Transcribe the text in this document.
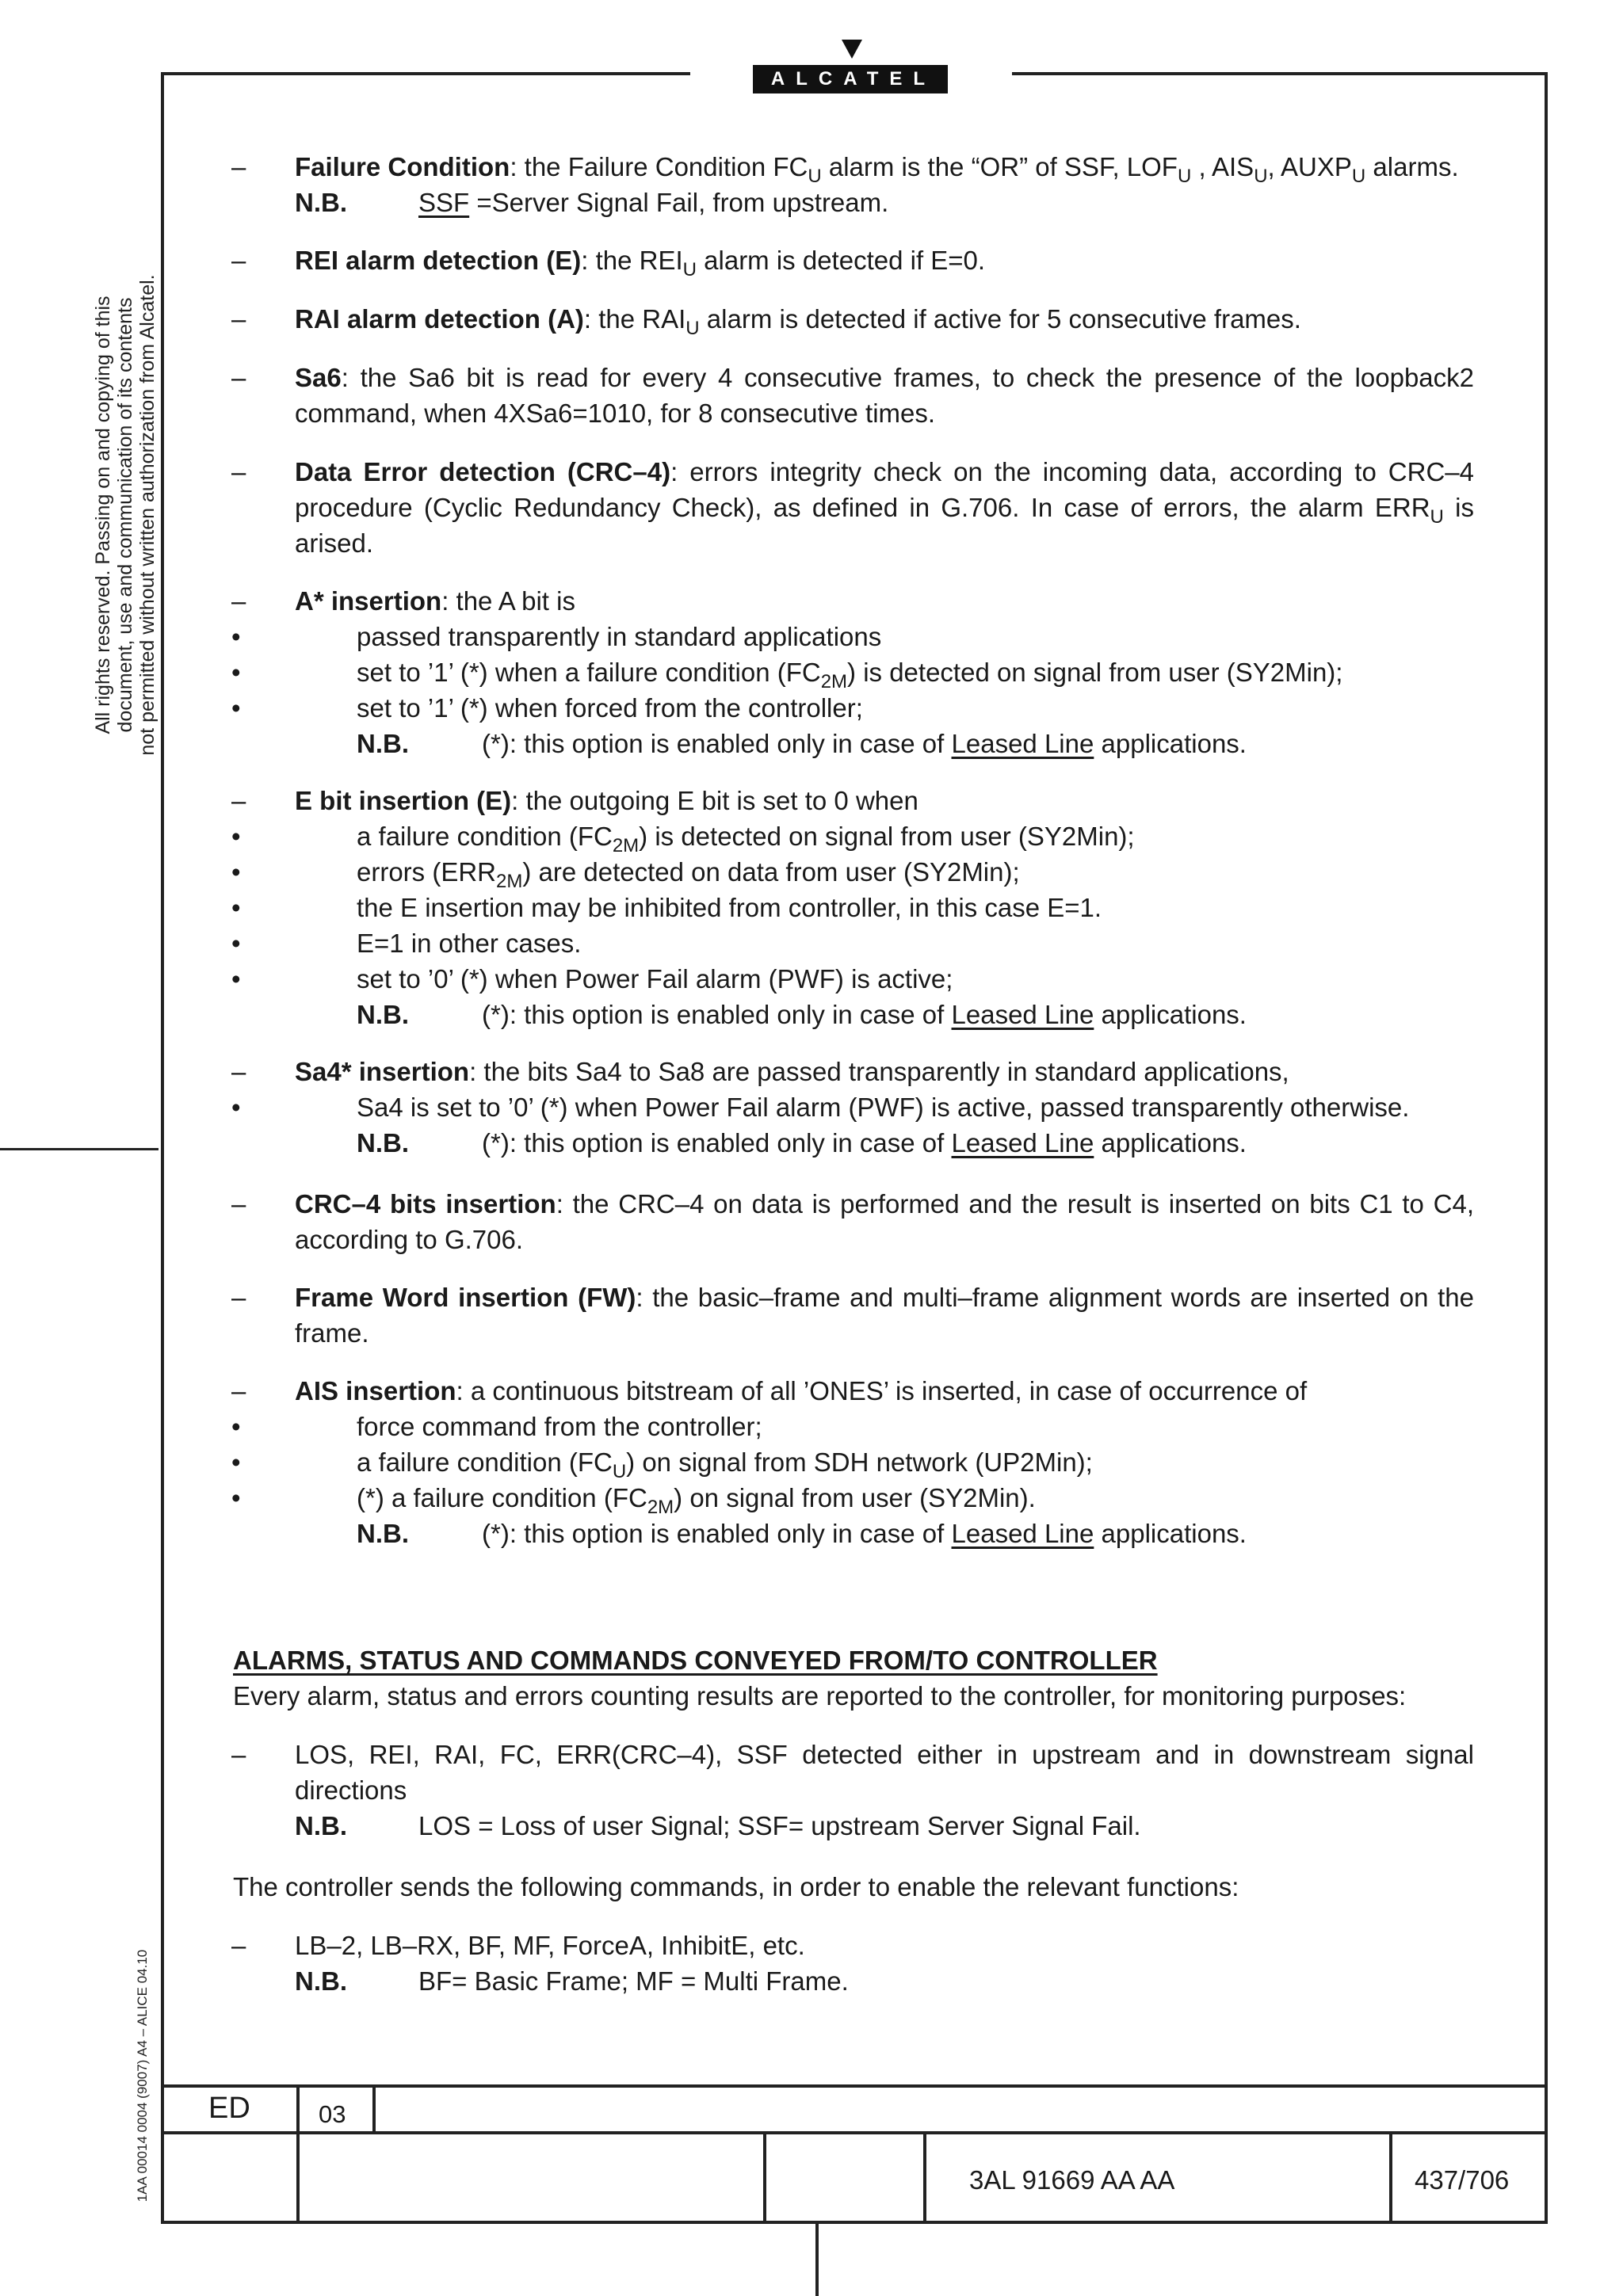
ALCATEL
All rights reserved. Passing on and copying of this document, use and communication of its contents not permitted without written authorization from Alcatel.
1AA 00014 0004 (9007) A4 – ALICE 04.10
– Failure Condition: the Failure Condition $FC_U$ alarm is the “OR” of SSF, $LOF_U$ , $AIS_U$, $AUXP_U$ alarms.
N.B.	SSF =Server Signal Fail, from upstream.
– REI alarm detection (E): the $REI_U$ alarm is detected if E=0.
– RAI alarm detection (A): the $RAI_U$ alarm is detected if active for 5 consecutive frames.
– Sa6: the Sa6 bit is read for every 4 consecutive frames, to check the presence of the loopback2 command, when 4XSa6=1010, for 8 consecutive times.
– Data Error detection (CRC–4): errors integrity check on the incoming data, according to CRC–4 procedure (Cyclic Redundancy Check), as defined in G.706. In case of errors, the alarm $ERR_U$ is arised.
– A* insertion: the A bit is
•	passed transparently in standard applications
•	set to ’1’ (*) when a failure condition $(FC_{2M})$ is detected on signal from user (SY2Min);
•	set to ’1’ (*) when forced from the controller;
N.B.	(*): this option is enabled only in case of Leased Line applications.
– E bit insertion (E): the outgoing E bit is set to 0 when
•	a failure condition $(FC_{2M})$ is detected on signal from user (SY2Min);
•	errors $(ERR_{2M})$ are detected on data from user (SY2Min);
•	the E insertion may be inhibited from controller, in this case E=1.
•	E=1 in other cases.
•	set to ’0’ (*) when Power Fail alarm (PWF) is active;
N.B.	(*): this option is enabled only in case of Leased Line applications.
– Sa4* insertion: the bits Sa4 to Sa8 are passed transparently in standard applications,
•	Sa4 is set to ’0’ (*) when Power Fail alarm (PWF) is active, passed transparently otherwise.
N.B.	(*): this option is enabled only in case of Leased Line applications.
– CRC–4 bits insertion: the CRC–4 on data is performed and the result is inserted on bits C1 to C4, according to G.706.
– Frame Word insertion (FW): the basic–frame and multi–frame alignment words are inserted on the frame.
– AIS insertion: a continuous bitstream of all ’ONES’ is inserted, in case of occurrence of
•	force command from the controller;
•	a failure condition $(FC_U)$ on signal from SDH network (UP2Min);
•	(*) a failure condition $(FC_{2M})$ on signal from user (SY2Min).
N.B.	(*): this option is enabled only in case of Leased Line applications.
ALARMS, STATUS AND COMMANDS CONVEYED FROM/TO CONTROLLER
Every alarm, status and errors counting results are reported to the controller, for monitoring purposes:
– LOS, REI, RAI, FC, ERR(CRC–4), SSF detected either in upstream and in downstream signal directions
N.B.	LOS = Loss of user Signal; SSF= upstream Server Signal Fail.
The controller sends the following commands, in order to enable the relevant functions:
– LB–2, LB–RX, BF, MF, ForceA, InhibitE, etc.
N.B.	BF= Basic Frame; MF = Multi Frame.
ED	03
3AL 91669 AA AA	437/706
